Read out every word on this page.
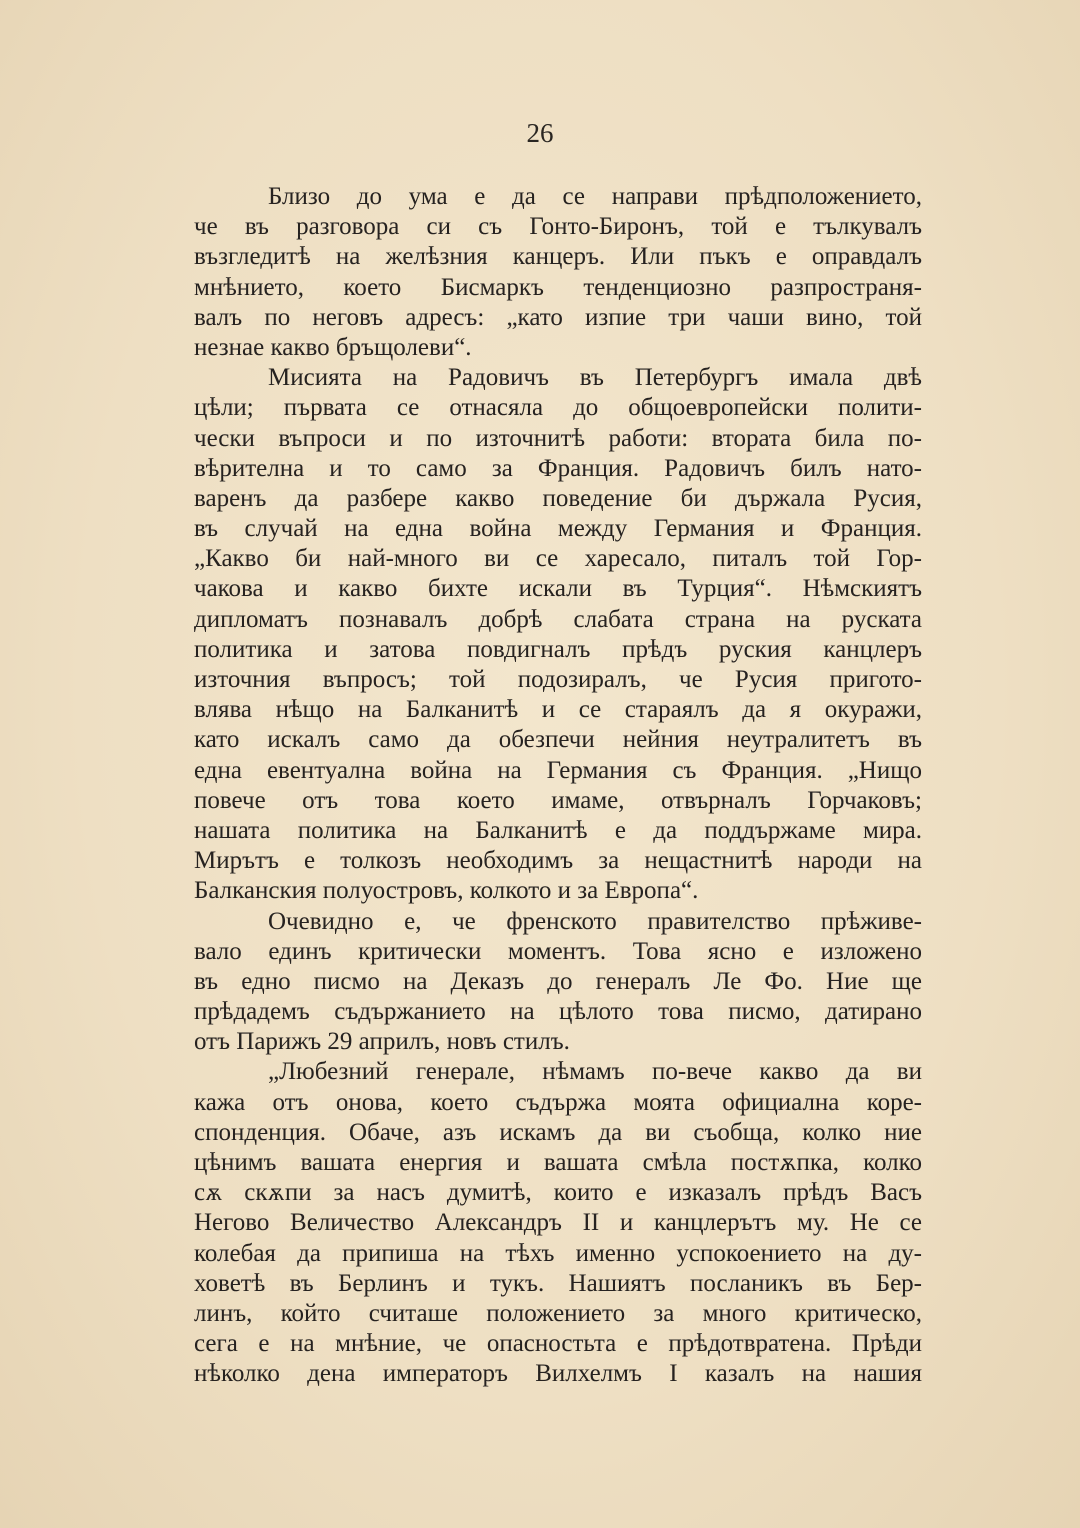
26
Близо до ума е да се направи прѣдположението,
че въ разговора си съ Гонто-Биронъ, той е тълкувалъ
възгледитѣ на желѣзния канцеръ. Или пъкъ е оправдалъ
мнѣнието, което Бисмаркъ тенденциозно разпространя-
валъ по неговъ адресъ: „като изпие три чаши вино, той
незнае какво бръщолеви“.
Мисията на Радовичъ въ Петербургъ имала двѣ
цѣли; първата се отнасяла до общоевропейски полити-
чески въпроси и по източнитѣ работи: втората била по-
вѣрителна и то само за Франция. Радовичъ билъ нато-
варенъ да разбере какво поведение би държала Русия,
въ случай на една война между Германия и Франция.
„Какво би най-много ви се харесало, питалъ той Гор-
чакова и какво бихте искали въ Турция“. Нѣмскиятъ
дипломатъ познавалъ добрѣ слабата страна на руската
политика и затова повдигналъ прѣдъ руския канцлеръ
източния въпросъ; той подозиралъ, че Русия пригото-
влява нѣщо на Балканитѣ и се стараялъ да я окуражи,
като искалъ само да обезпечи нейния неутралитетъ въ
една евентуална война на Германия съ Франция. „Нищо
повече отъ това което имаме, отвърналъ Горчаковъ;
нашата политика на Балканитѣ е да поддържаме мира.
Мирътъ е толкозъ необходимъ за нещастнитѣ народи на
Балканския полуостровъ, колкото и за Европа“.
Очевидно е, че френското правителство прѣживе-
вало единъ критически моментъ. Това ясно е изложено
въ едно писмо на Деказъ до генералъ Ле Фо. Ние ще
прѣдадемъ съдържанието на цѣлото това писмо, датирано
отъ Парижъ 29 априлъ, новъ стилъ.
„Любезний генерале, нѣмамъ по-вече какво да ви
кажа отъ онова, което съдържа моята официална коре-
спонденция. Обаче, азъ искамъ да ви съобща, колко ние
цѣнимъ вашата енергия и вашата смѣла постѫпка, колко
сѫ скѫпи за насъ думитѣ, които е изказалъ прѣдъ Васъ
Негово Величество Александръ II и канцлерътъ му. Не се
колебая да припиша на тѣхъ именно успокоението на ду-
ховетѣ въ Берлинъ и тукъ. Нашиятъ посланикъ въ Бер-
линъ, който считаше положението за много критическо,
сега е на мнѣние, че опасностьта е прѣдотвратена. Прѣди
нѣколко дена императоръ Вилхелмъ I казалъ на нашия
